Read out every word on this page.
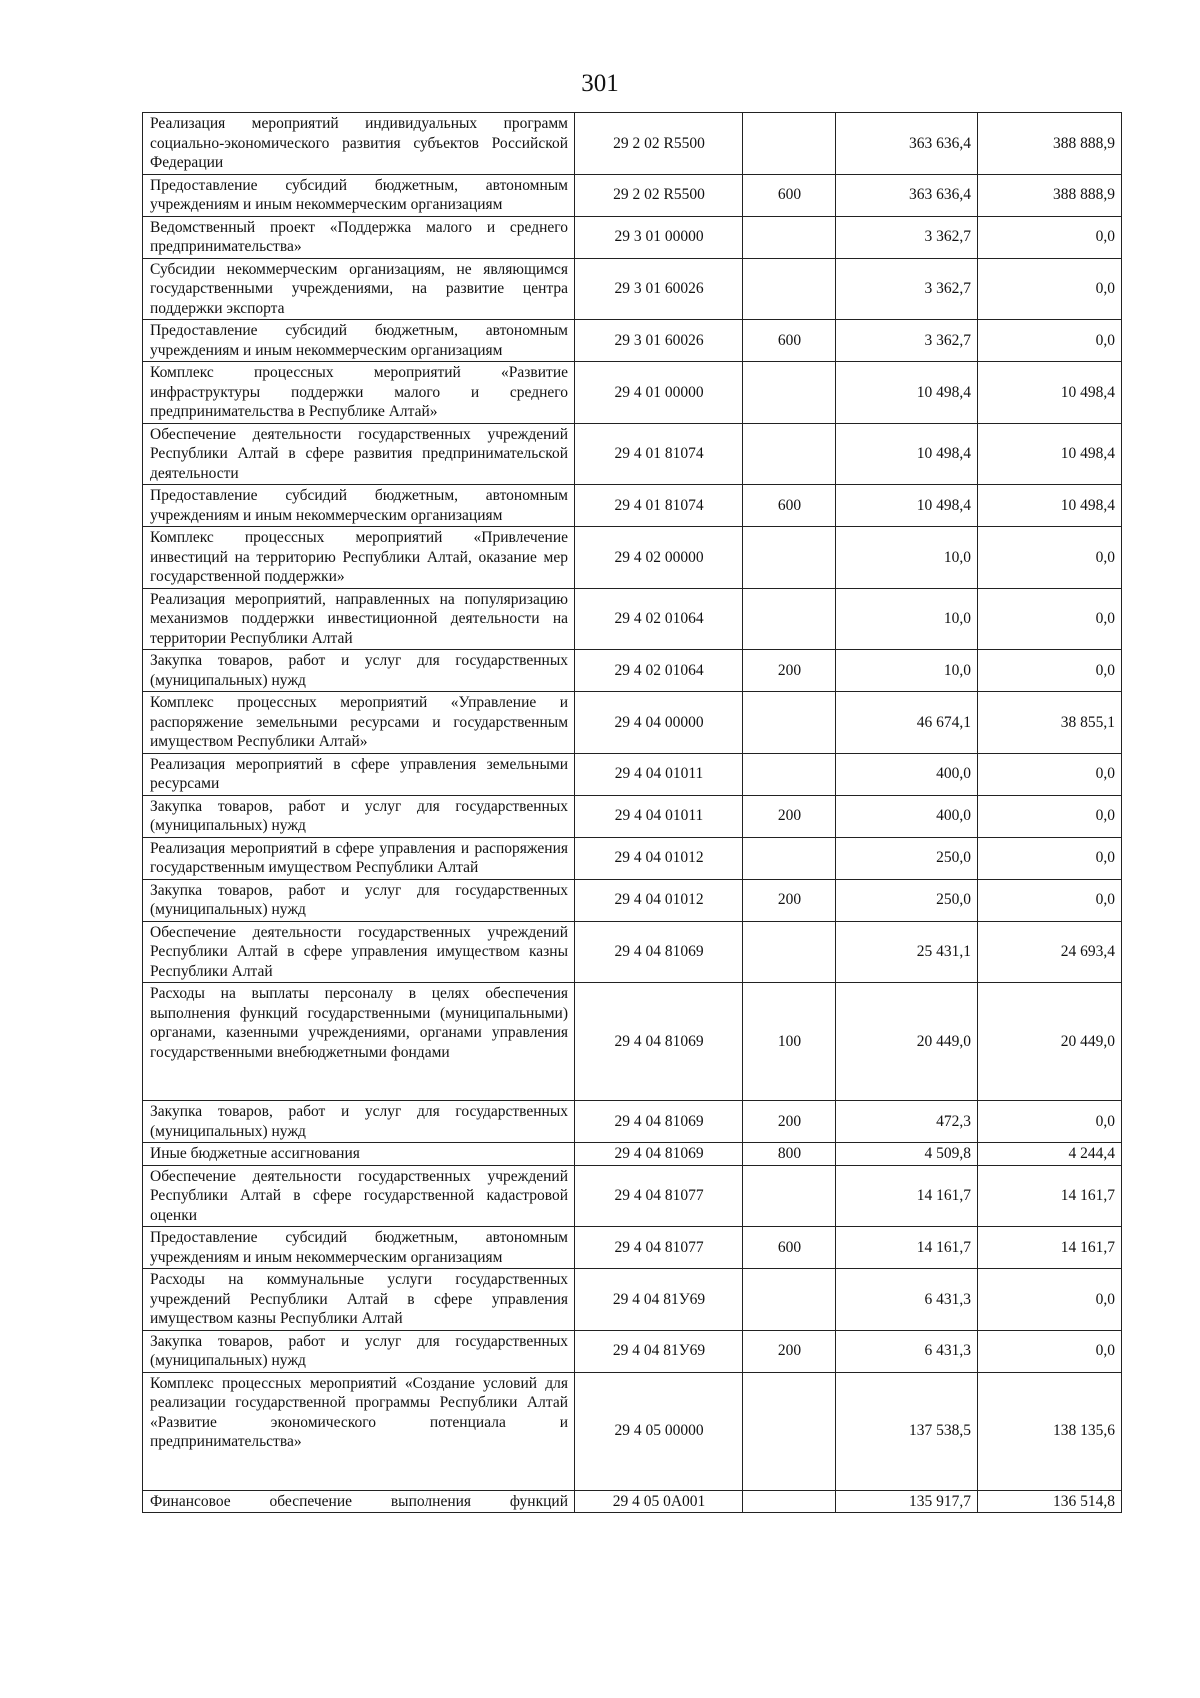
301
Реализация мероприятий индивидуальных программ социально-экономического развития субъектов Российской Федерации	29 2 02 R5500		363 636,4	388 888,9
Предоставление субсидий бюджетным, автономным учреждениям и иным некоммерческим организациям	29 2 02 R5500	600	363 636,4	388 888,9
Ведомственный проект «Поддержка малого и среднего предпринимательства»	29 3 01 00000		3 362,7	0,0
Субсидии некоммерческим организациям, не являющимся государственными учреждениями, на развитие центра поддержки экспорта	29 3 01 60026		3 362,7	0,0
Предоставление субсидий бюджетным, автономным учреждениям и иным некоммерческим организациям	29 3 01 60026	600	3 362,7	0,0
Комплекс процессных мероприятий «Развитие инфраструктуры поддержки малого и среднего предпринимательства в Республике Алтай»	29 4 01 00000		10 498,4	10 498,4
Обеспечение деятельности государственных учреждений Республики Алтай в сфере развития предпринимательской деятельности	29 4 01 81074		10 498,4	10 498,4
Предоставление субсидий бюджетным, автономным учреждениям и иным некоммерческим организациям	29 4 01 81074	600	10 498,4	10 498,4
Комплекс процессных мероприятий «Привлечение инвестиций на территорию Республики Алтай, оказание мер государственной поддержки»	29 4 02 00000		10,0	0,0
Реализация мероприятий, направленных на популяризацию механизмов поддержки инвестиционной деятельности на территории Республики Алтай	29 4 02 01064		10,0	0,0
Закупка товаров, работ и услуг для государственных (муниципальных) нужд	29 4 02 01064	200	10,0	0,0
Комплекс процессных мероприятий «Управление и распоряжение земельными ресурсами и государственным имуществом Республики Алтай»	29 4 04 00000		46 674,1	38 855,1
Реализация мероприятий в сфере управления земельными ресурсами	29 4 04 01011		400,0	0,0
Закупка товаров, работ и услуг для государственных (муниципальных) нужд	29 4 04 01011	200	400,0	0,0
Реализация мероприятий в сфере управления и распоряжения государственным имуществом Республики Алтай	29 4 04 01012		250,0	0,0
Закупка товаров, работ и услуг для государственных (муниципальных) нужд	29 4 04 01012	200	250,0	0,0
Обеспечение деятельности государственных учреждений Республики Алтай в сфере управления имуществом казны Республики Алтай	29 4 04 81069		25 431,1	24 693,4
Расходы на выплаты персоналу в целях обеспечения выполнения функций государственными (муниципальными) органами, казенными учреждениями, органами управления государственными внебюджетными фондами	29 4 04 81069	100	20 449,0	20 449,0
Закупка товаров, работ и услуг для государственных (муниципальных) нужд	29 4 04 81069	200	472,3	0,0
Иные бюджетные ассигнования	29 4 04 81069	800	4 509,8	4 244,4
Обеспечение деятельности государственных учреждений Республики Алтай в сфере государственной кадастровой оценки	29 4 04 81077		14 161,7	14 161,7
Предоставление субсидий бюджетным, автономным учреждениям и иным некоммерческим организациям	29 4 04 81077	600	14 161,7	14 161,7
Расходы на коммунальные услуги государственных учреждений Республики Алтай в сфере управления имуществом казны Республики Алтай	29 4 04 81У69		6 431,3	0,0
Закупка товаров, работ и услуг для государственных (муниципальных) нужд	29 4 04 81У69	200	6 431,3	0,0
Комплекс процессных мероприятий «Создание условий для реализации государственной программы Республики Алтай «Развитие экономического потенциала и предпринимательства»	29 4 05 00000		137 538,5	138 135,6
Финансовое обеспечение выполнения функций	29 4 05 0А001		135 917,7	136 514,8
